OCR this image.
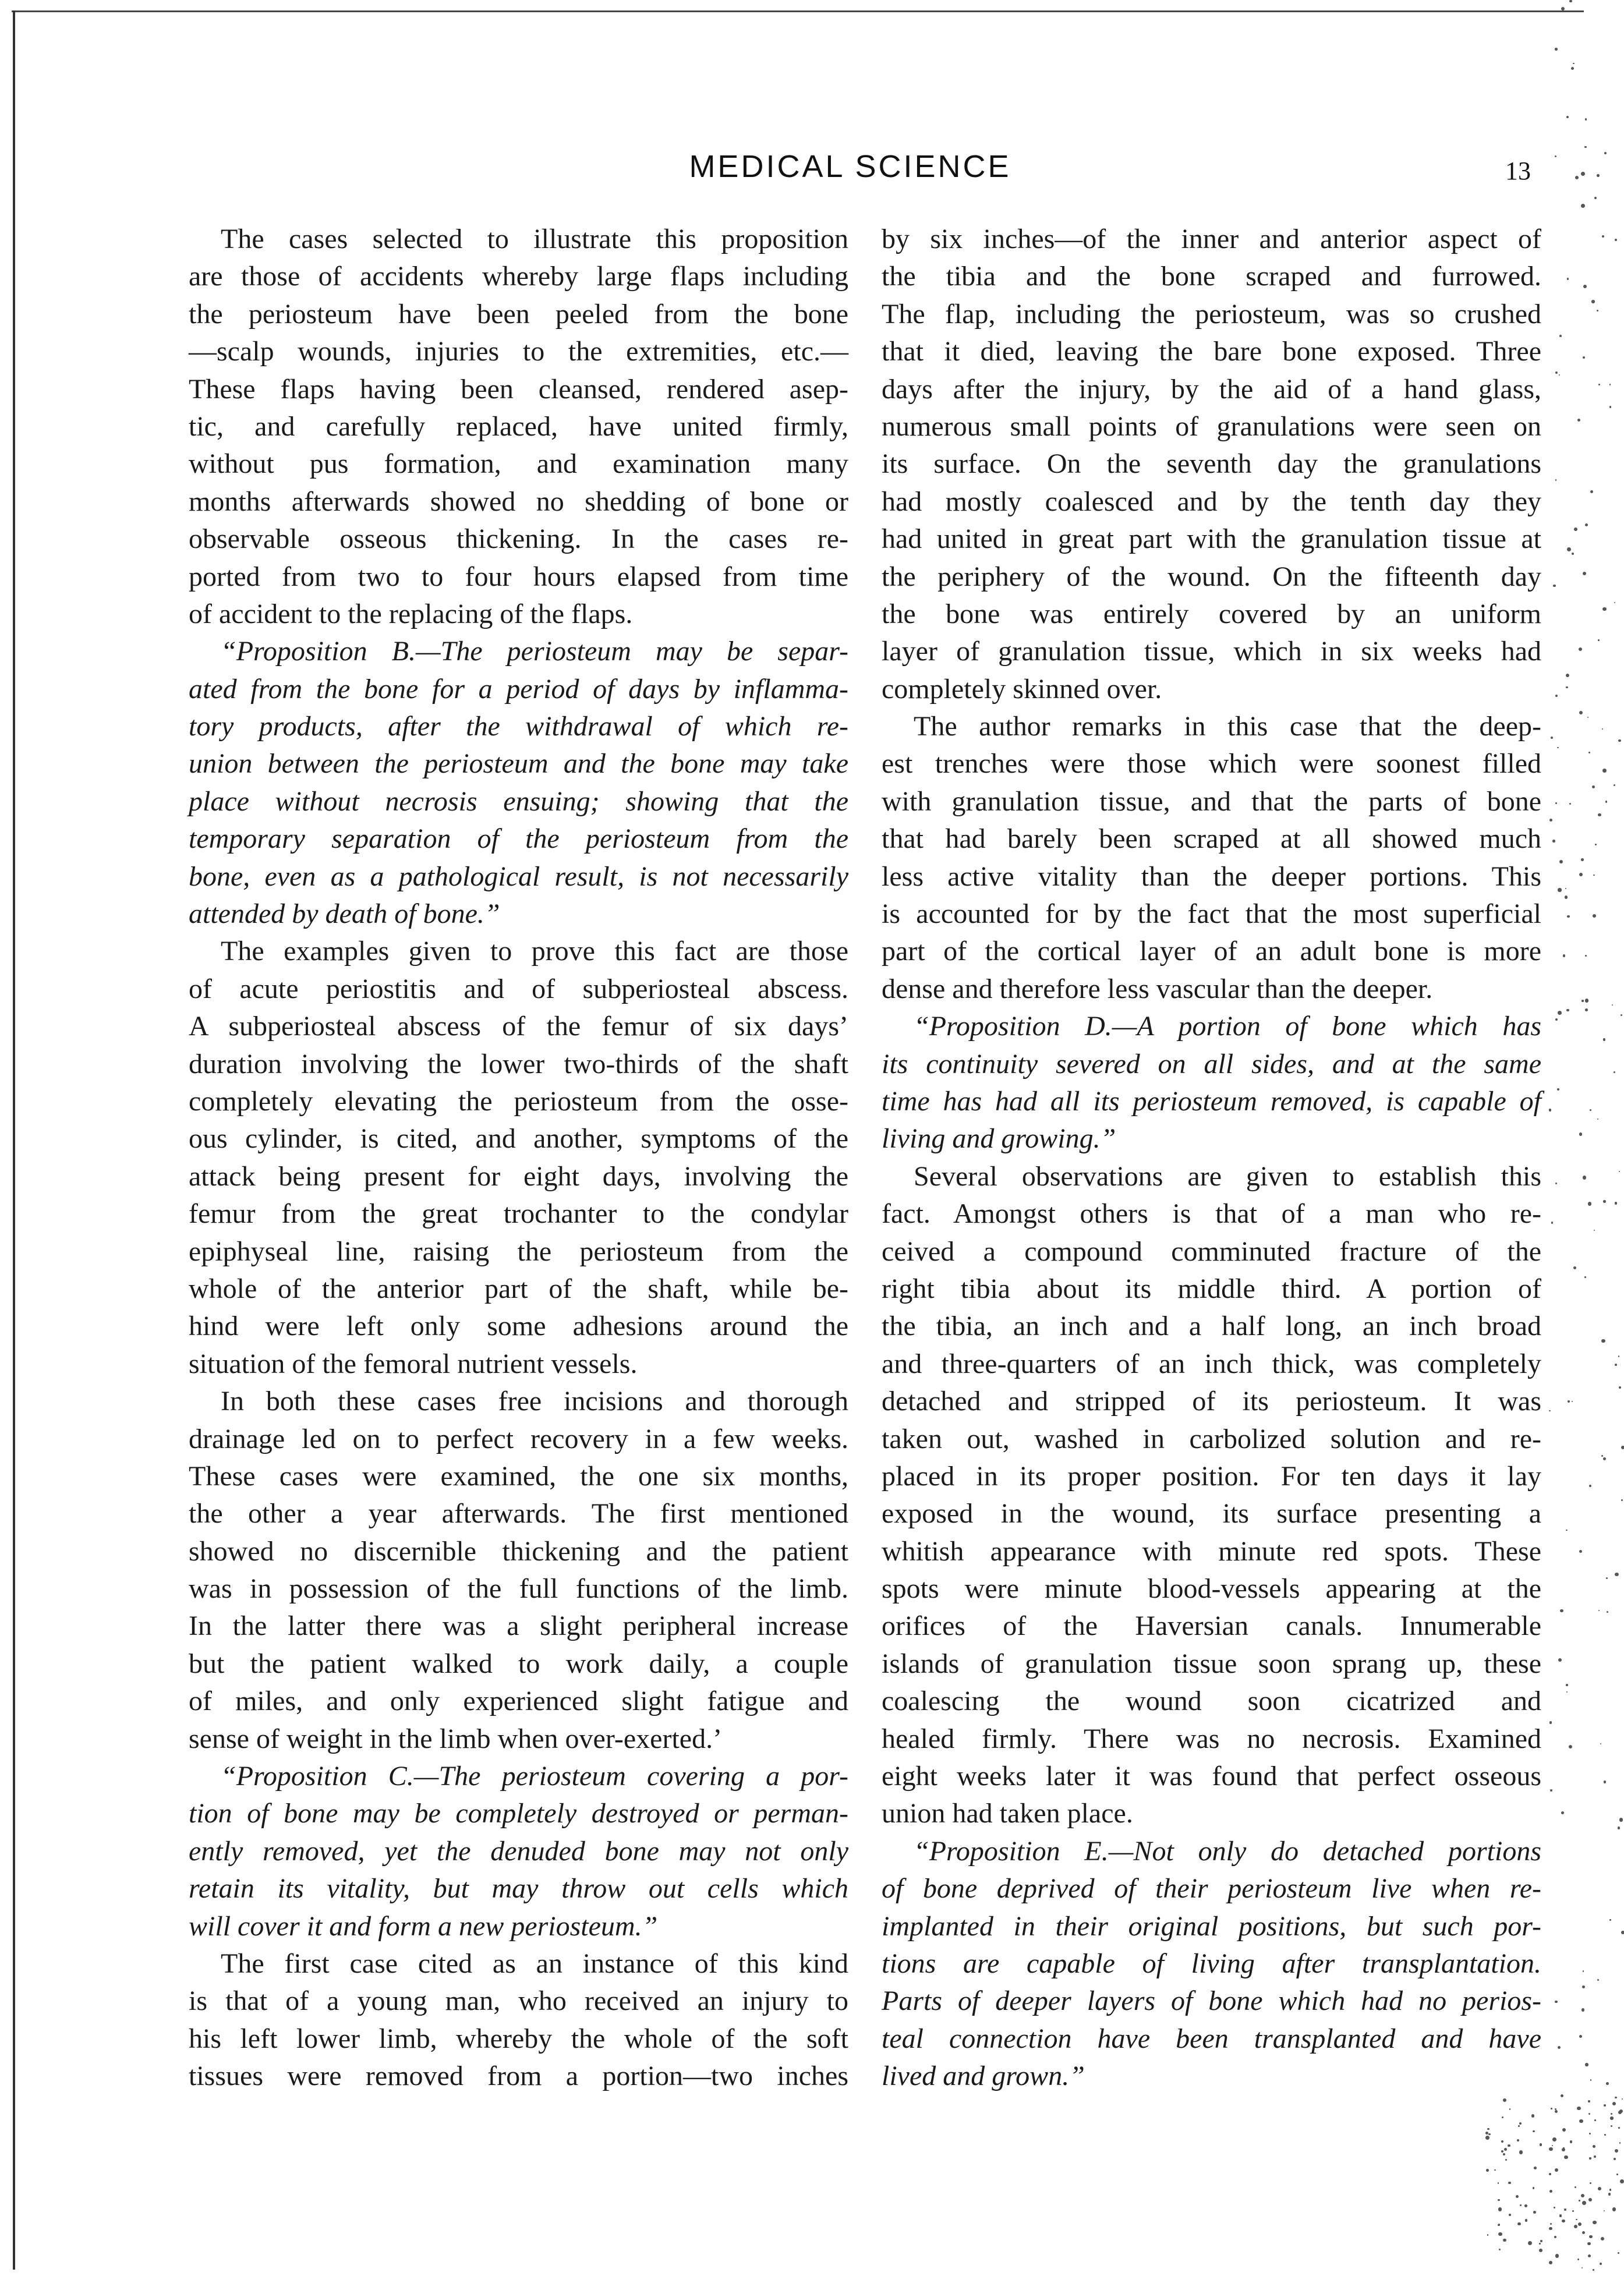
MEDICAL SCIENCE	13
The cases selected to illustrate this proposition
are those of accidents whereby large flaps including
the periosteum have been peeled from the bone
—scalp wounds, injuries to the extremities, etc.—
These flaps having been cleansed, rendered asep-
tic, and carefully replaced, have united firmly,
without pus formation, and examination many
months afterwards showed no shedding of bone or
observable osseous thickening. In the cases re-
ported from two to four hours elapsed from time
of accident to the replacing of the flaps.
“Proposition B.—The periosteum may be separ-
ated from the bone for a period of days by inflamma-
tory products, after the withdrawal of which re-
union between the periosteum and the bone may take
place without necrosis ensuing; showing that the
temporary separation of the periosteum from the
bone, even as a pathological result, is not necessarily
attended by death of bone.”
The examples given to prove this fact are those
of acute periostitis and of subperiosteal abscess.
A subperiosteal abscess of the femur of six days’
duration involving the lower two-thirds of the shaft
completely elevating the periosteum from the osse-
ous cylinder, is cited, and another, symptoms of the
attack being present for eight days, involving the
femur from the great trochanter to the condylar
epiphyseal line, raising the periosteum from the
whole of the anterior part of the shaft, while be-
hind were left only some adhesions around the
situation of the femoral nutrient vessels.
In both these cases free incisions and thorough
drainage led on to perfect recovery in a few weeks.
These cases were examined, the one six months,
the other a year afterwards. The first mentioned
showed no discernible thickening and the patient
was in possession of the full functions of the limb.
In the latter there was a slight peripheral increase
but the patient walked to work daily, a couple
of miles, and only experienced slight fatigue and
sense of weight in the limb when over-exerted.’
“Proposition C.—The periosteum covering a por-
tion of bone may be completely destroyed or perman-
ently removed, yet the denuded bone may not only
retain its vitality, but may throw out cells which
will cover it and form a new periosteum.”
The first case cited as an instance of this kind
is that of a young man, who received an injury to
his left lower limb, whereby the whole of the soft
tissues were removed from a portion—two inches
by six inches—of the inner and anterior aspect of
the tibia and the bone scraped and furrowed.
The flap, including the periosteum, was so crushed
that it died, leaving the bare bone exposed. Three
days after the injury, by the aid of a hand glass,
numerous small points of granulations were seen on
its surface. On the seventh day the granulations
had mostly coalesced and by the tenth day they
had united in great part with the granulation tissue at
the periphery of the wound. On the fifteenth day
the bone was entirely covered by an uniform
layer of granulation tissue, which in six weeks had
completely skinned over.
The author remarks in this case that the deep-
est trenches were those which were soonest filled
with granulation tissue, and that the parts of bone
that had barely been scraped at all showed much
less active vitality than the deeper portions. This
is accounted for by the fact that the most superficial
part of the cortical layer of an adult bone is more
dense and therefore less vascular than the deeper.
“Proposition D.—A portion of bone which has
its continuity severed on all sides, and at the same
time has had all its periosteum removed, is capable of
living and growing.”
Several observations are given to establish this
fact. Amongst others is that of a man who re-
ceived a compound comminuted fracture of the
right tibia about its middle third. A portion of
the tibia, an inch and a half long, an inch broad
and three-quarters of an inch thick, was completely
detached and stripped of its periosteum. It was
taken out, washed in carbolized solution and re-
placed in its proper position. For ten days it lay
exposed in the wound, its surface presenting a
whitish appearance with minute red spots. These
spots were minute blood-vessels appearing at the
orifices of the Haversian canals. Innumerable
islands of granulation tissue soon sprang up, these
coalescing the wound soon cicatrized and
healed firmly. There was no necrosis. Examined
eight weeks later it was found that perfect osseous
union had taken place.
“Proposition E.—Not only do detached portions
of bone deprived of their periosteum live when re-
implanted in their original positions, but such por-
tions are capable of living after transplantation.
Parts of deeper layers of bone which had no perios-
teal connection have been transplanted and have
lived and grown.”
